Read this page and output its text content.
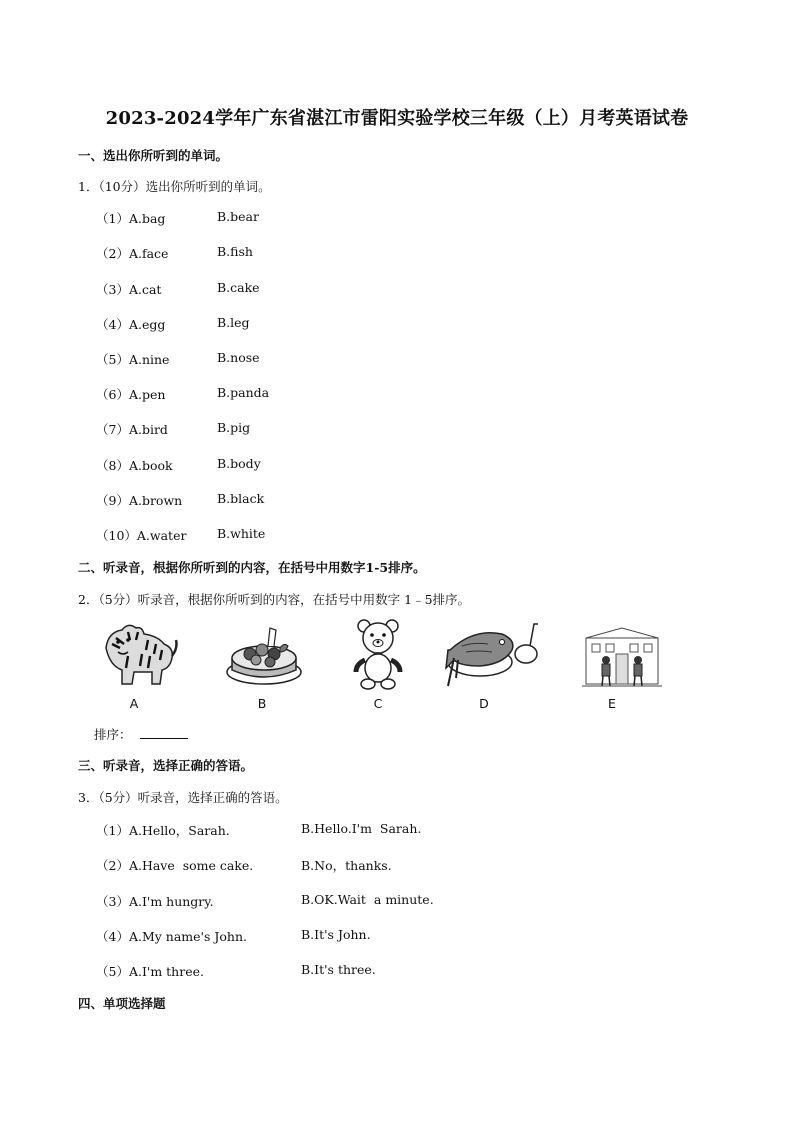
2023-2024学年广东省湛江市雷阳实验学校三年级（上）月考英语试卷
一、选出你所听到的单词。
1．（10分）选出你所听到的单词。
（1）A.bag	B.bear
（2）A.face	B.fish
（3）A.cat	B.cake
（4）A.egg	B.leg
（5）A.nine	B.nose
（6）A.pen	B.panda
（7）A.bird	B.pig
（8）A.book	B.body
（9）A.brown	B.black
（10）A.water B.white
二、听录音，根据你所听到的内容，在括号中用数字1-5排序。
2．（5分）听录音，根据你所听到的内容，在括号中用数字 1﹣5排序。
A	B	C	D	E
排序：
三、听录音，选择正确的答语。
3．（5分）听录音，选择正确的答语。
（1）A.Hello，Sarah.	B.Hello.I'm  Sarah.
（2）A.Have  some cake.	B.No，thanks.
（3）A.I'm hungry.	B.OK.Wait  a minute.
（4）A.My name's John.	B.It's John.
（5）A.I'm three.	B.It's three.
四、单项选择题
